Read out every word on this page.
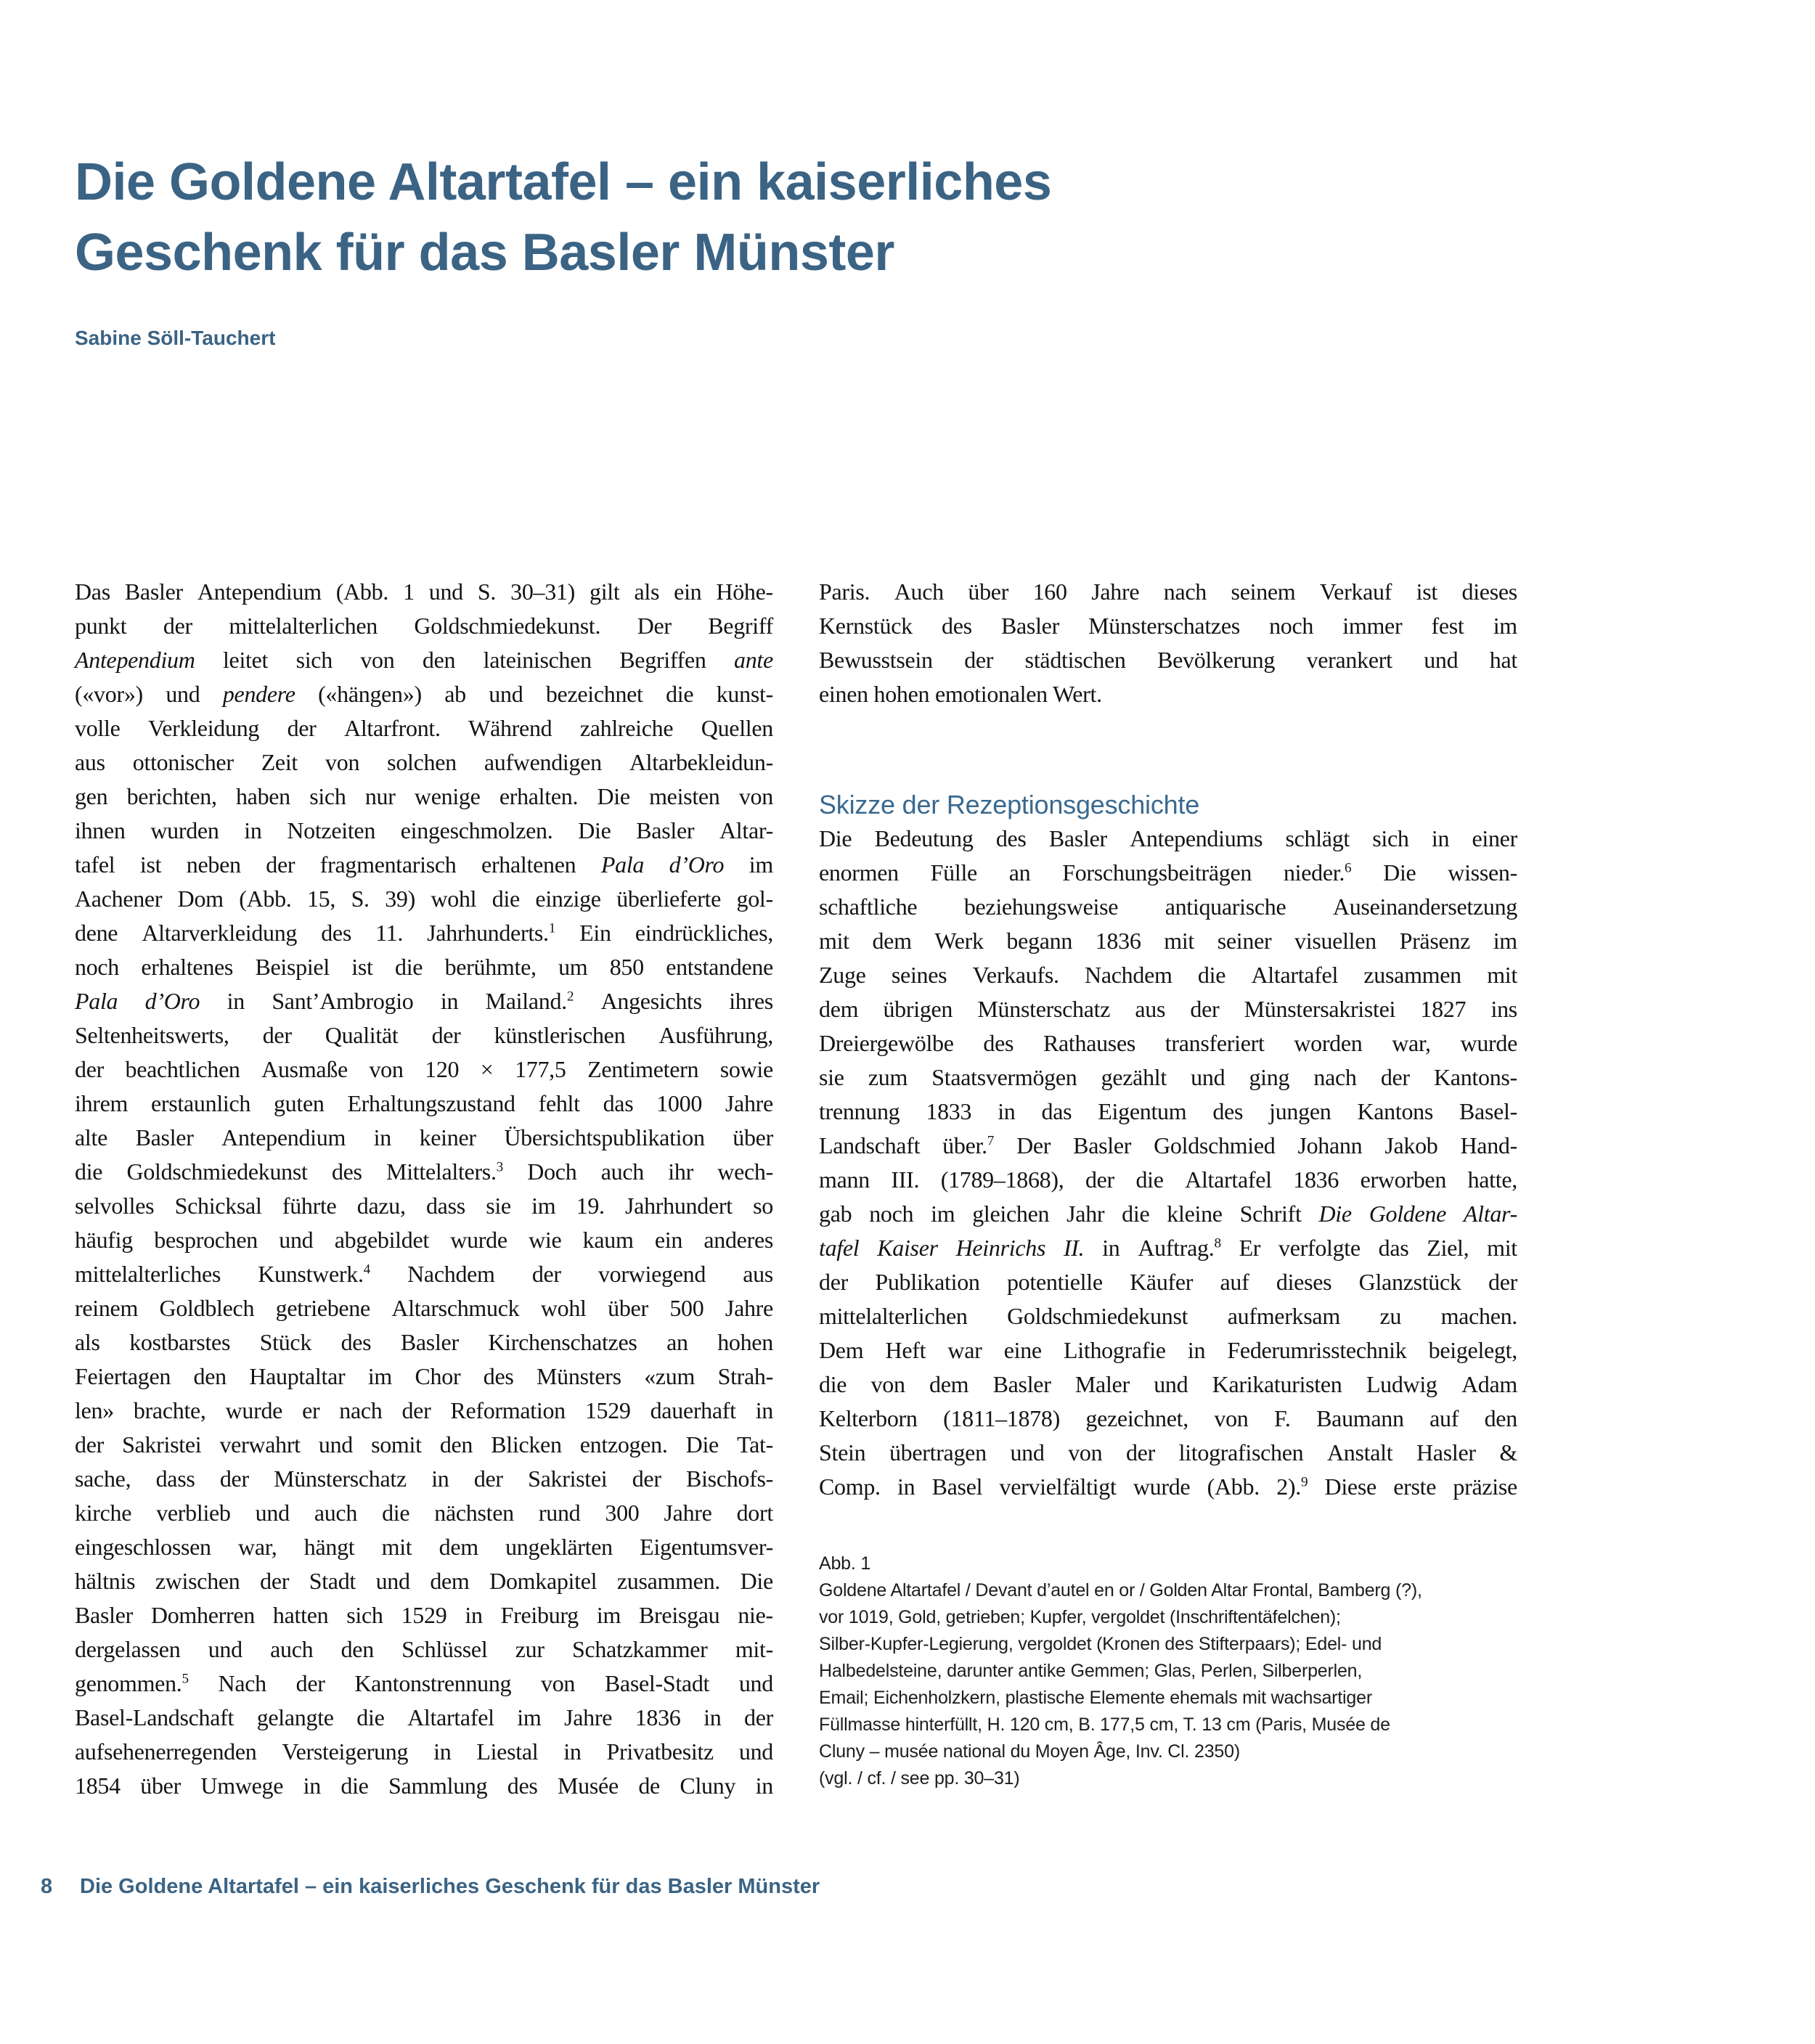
Die Goldene Altartafel – ein kaiserliches
Geschenk für das Basler Münster
Sabine Söll-Tauchert
Das Basler Antependium (Abb. 1 und S. 30–31) gilt als ein Höhe-
punkt der mittelalterlichen Goldschmiedekunst. Der Begriff
Antependium leitet sich von den lateinischen Begriffen ante
(«vor») und pendere («hängen») ab und bezeichnet die kunst-
volle Verkleidung der Altarfront. Während zahlreiche Quellen
aus ottonischer Zeit von solchen aufwendigen Altarbekleidun-
gen berichten, haben sich nur wenige erhalten. Die meisten von
ihnen wurden in Notzeiten eingeschmolzen. Die Basler Altar-
tafel ist neben der fragmentarisch erhaltenen Pala d’Oro im
Aachener Dom (Abb. 15, S. 39) wohl die einzige überlieferte gol-
dene Altarverkleidung des 11. Jahrhunderts.$^1$ Ein eindrückliches,
noch erhaltenes Beispiel ist die berühmte, um 850 entstandene
Pala d’Oro in Sant’Ambrogio in Mailand.$^2$ Angesichts ihres
Seltenheitswerts, der Qualität der künstlerischen Ausführung,
der beachtlichen Ausmaße von 120 × 177,5 Zentimetern sowie
ihrem erstaunlich guten Erhaltungszustand fehlt das 1000 Jahre
alte Basler Antependium in keiner Übersichtspublikation über
die Goldschmiedekunst des Mittelalters.$^3$ Doch auch ihr wech-
selvolles Schicksal führte dazu, dass sie im 19. Jahrhundert so
häufig besprochen und abgebildet wurde wie kaum ein anderes
mittelalterliches Kunstwerk.$^4$ Nachdem der vorwiegend aus
reinem Goldblech getriebene Altarschmuck wohl über 500 Jahre
als kostbarstes Stück des Basler Kirchenschatzes an hohen
Feiertagen den Hauptaltar im Chor des Münsters «zum Strah-
len» brachte, wurde er nach der Reformation 1529 dauerhaft in
der Sakristei verwahrt und somit den Blicken entzogen. Die Tat-
sache, dass der Münsterschatz in der Sakristei der Bischofs-
kirche verblieb und auch die nächsten rund 300 Jahre dort
eingeschlossen war, hängt mit dem ungeklärten Eigentumsver-
hältnis zwischen der Stadt und dem Domkapitel zusammen. Die
Basler Domherren hatten sich 1529 in Freiburg im Breisgau nie-
dergelassen und auch den Schlüssel zur Schatzkammer mit-
genommen.$^5$ Nach der Kantonstrennung von Basel-Stadt und
Basel-Landschaft gelangte die Altartafel im Jahre 1836 in der
aufsehenerregenden Versteigerung in Liestal in Privatbesitz und
1854 über Umwege in die Sammlung des Musée de Cluny in
Paris. Auch über 160 Jahre nach seinem Verkauf ist dieses
Kernstück des Basler Münsterschatzes noch immer fest im
Bewusstsein der städtischen Bevölkerung verankert und hat
einen hohen emotionalen Wert.
Skizze der Rezeptionsgeschichte
Die Bedeutung des Basler Antependiums schlägt sich in einer
enormen Fülle an Forschungsbeiträgen nieder.$^6$ Die wissen-
schaftliche beziehungsweise antiquarische Auseinandersetzung
mit dem Werk begann 1836 mit seiner visuellen Präsenz im
Zuge seines Verkaufs. Nachdem die Altartafel zusammen mit
dem übrigen Münsterschatz aus der Münstersakristei 1827 ins
Dreiergewölbe des Rathauses transferiert worden war, wurde
sie zum Staatsvermögen gezählt und ging nach der Kantons-
trennung 1833 in das Eigentum des jungen Kantons Basel-
Landschaft über.$^7$ Der Basler Goldschmied Johann Jakob Hand-
mann III. (1789–1868), der die Altartafel 1836 erworben hatte,
gab noch im gleichen Jahr die kleine Schrift Die Goldene Altar-
tafel Kaiser Heinrichs II. in Auftrag.$^8$ Er verfolgte das Ziel, mit
der Publikation potentielle Käufer auf dieses Glanzstück der
mittelalterlichen Goldschmiedekunst aufmerksam zu machen.
Dem Heft war eine Lithografie in Federumrisstechnik beigelegt,
die von dem Basler Maler und Karikaturisten Ludwig Adam
Kelterborn (1811–1878) gezeichnet, von F. Baumann auf den
Stein übertragen und von der litografischen Anstalt Hasler &
Comp. in Basel vervielfältigt wurde (Abb. 2).$^9$ Diese erste präzise
Abb. 1
Goldene Altartafel / Devant d’autel en or / Golden Altar Frontal, Bamberg (?),
vor 1019, Gold, getrieben; Kupfer, vergoldet (Inschriftentäfelchen);
Silber-Kupfer-Legierung, vergoldet (Kronen des Stifterpaars); Edel- und
Halbedelsteine, darunter antike Gemmen; Glas, Perlen, Silberperlen,
Email; Eichenholzkern, plastische Elemente ehemals mit wachsartiger
Füllmasse hinterfüllt, H. 120 cm, B. 177,5 cm, T. 13 cm (Paris, Musée de
Cluny – musée national du Moyen Âge, Inv. Cl. 2350)
(vgl. / cf. / see pp. 30–31)
8 Die Goldene Altartafel – ein kaiserliches Geschenk für das Basler Münster
